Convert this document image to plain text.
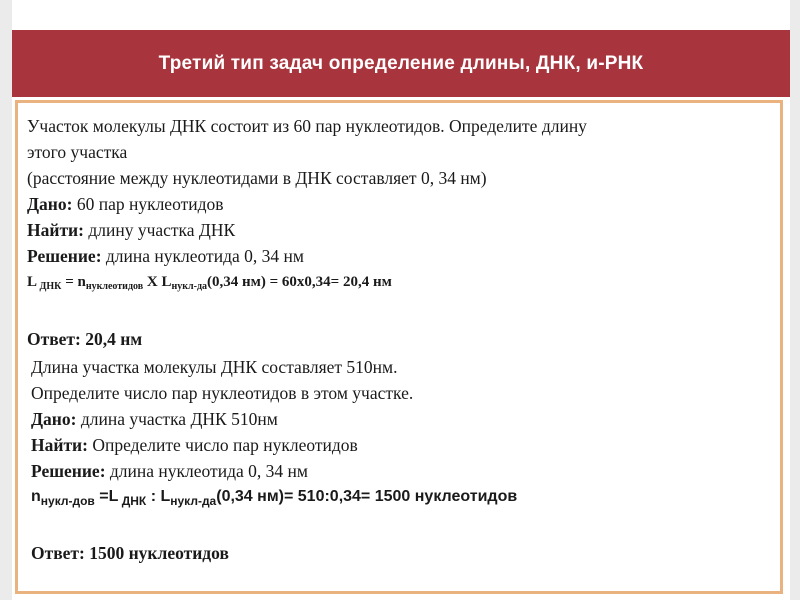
Третий тип задач определение длины, ДНК, и-РНК
Участок молекулы ДНК состоит из 60 пар нуклеотидов. Определите длину
этого участка
(расстояние между нуклеотидами в ДНК составляет 0, 34 нм)
Дано: 60 пар нуклеотидов
Найти: длину участка ДНК
Решение: длина нуклеотида 0, 34 нм
L $_{ДНК} = n_{нуклеотидов}$ Х $L_{нукл-да}(0,34$ нм) = 60х0,34= 20,4 нм
Ответ: 20,4 нм
Длина участка молекулы ДНК составляет 510нм.
Определите число пар нуклеотидов в этом участке.
Дано: длина участка ДНК 510нм
Найти: Определите число пар нуклеотидов
Решение: длина нуклеотида 0, 34 нм
$n_{нукл-дов} =L$ $_{ДНК}$ : $L_{нукл-да}(0,34$ нм)= 510:0,34= 1500 нуклеотидов
Ответ: 1500 нуклеотидов
